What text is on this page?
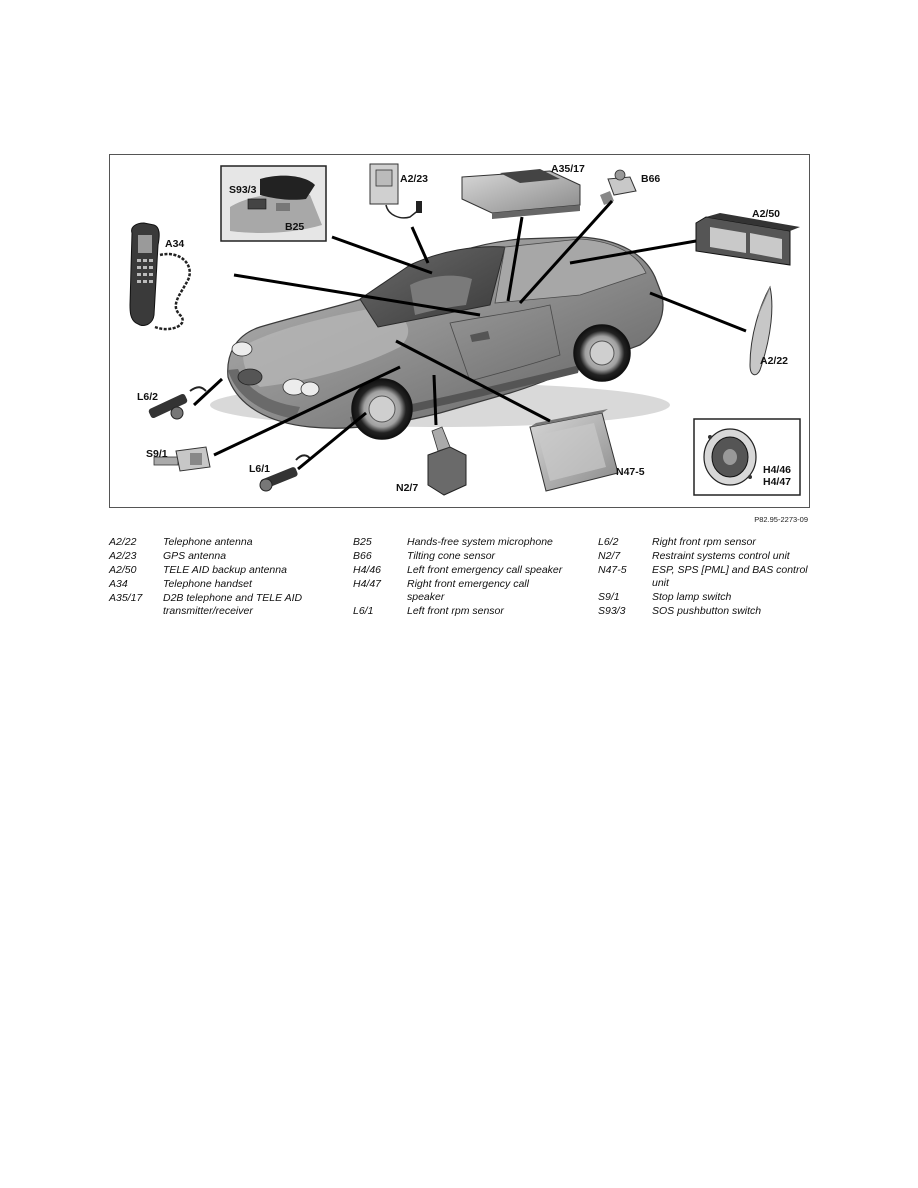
S93/3
B25
A2/23
A35/17
B66
A2/50
A34
A2/22
L6/2
S9/1
L6/1
N2/7
N47-5	H4/46
H4/47
P82.95-2273-09
A2/22	Telephone antenna
A2/23	GPS antenna
A2/50	TELE AID backup antenna
A34	Telephone handset
A35/17	D2B telephone and TELE AID transmitter/receiver
B25	Hands-free system microphone
B66	Tilting cone sensor
H4/46	Left front emergency call speaker
H4/47	Right front emergency call speaker
L6/1	Left front rpm sensor
L6/2	Right front rpm sensor
N2/7	Restraint systems control unit
N47-5	ESP, SPS [PML] and BAS control unit
S9/1	Stop lamp switch
S93/3	SOS pushbutton switch
